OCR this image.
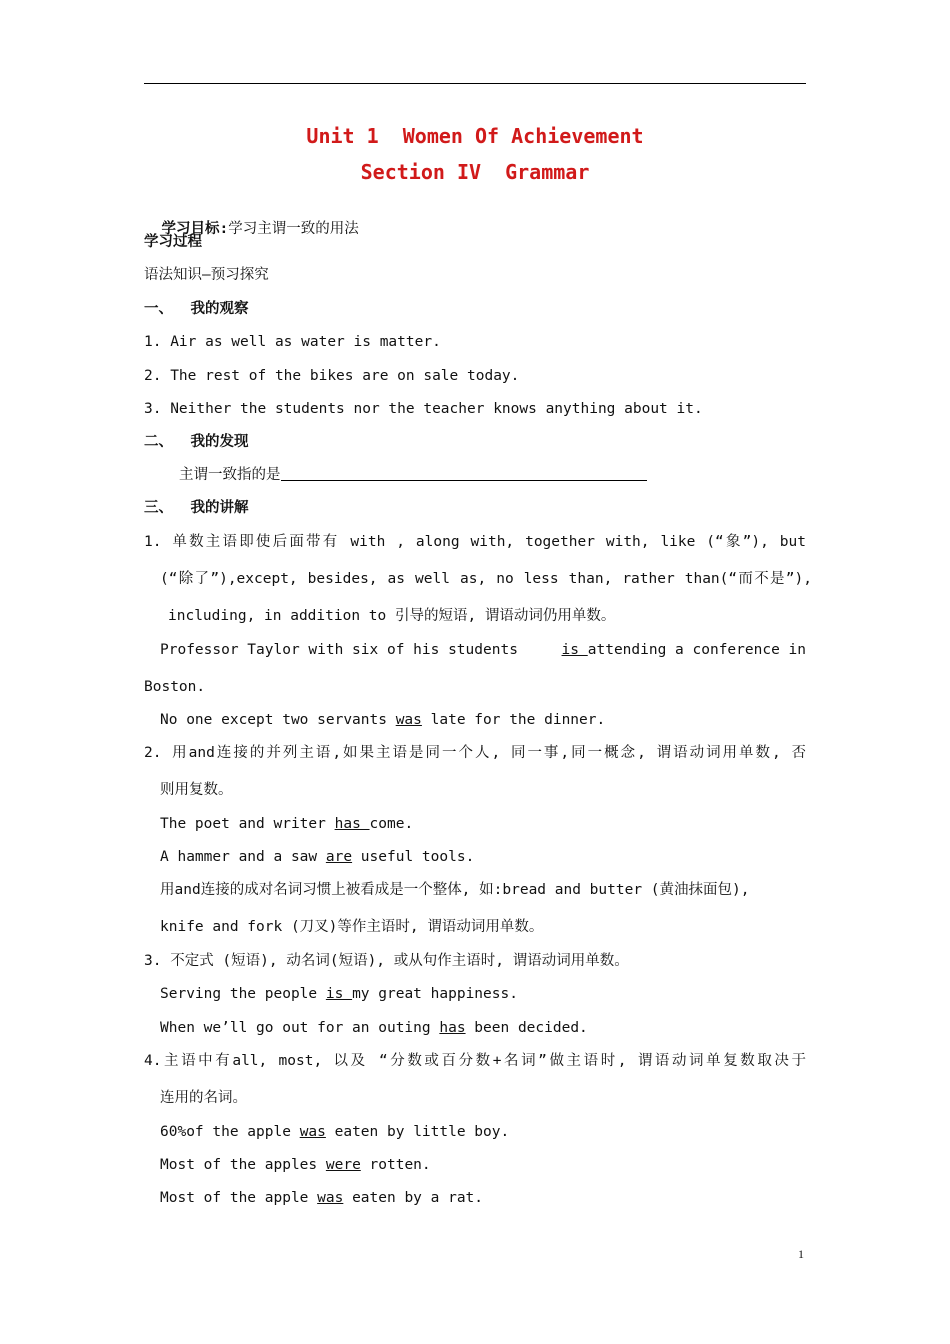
Unit 1  Women Of Achievement
Section IV  Grammar

学习目标:学习主谓一致的用法

学习过程
语法知识—预习探究
一、 我的观察
1. Air as well as water is matter.
2. The rest of the bikes are on sale today.
3. Neither the students nor the teacher knows anything about it.
二、 我的发现
主谓一致指的是
三、 我的讲解
1. 单数主语即使后面带有 with , along with, together with, like (“象”), but
(“除了”),except, besides, as well as, no less than, rather than(“而不是”),
including, in addition to 引导的短语, 谓语动词仍用单数。
Professor Taylor with six of his students	is attending a conference in
Boston.
No one except two servants was late for the dinner.
2. 用and连接的并列主语,如果主语是同一个人, 同一事,同一概念, 谓语动词用单数, 否
则用复数。
The poet and writer has come.
A hammer and a saw are useful tools.
用and连接的成对名词习惯上被看成是一个整体, 如:bread and butter (黄油抹面包),
knife and fork (刀叉)等作主语时, 谓语动词用单数。
3. 不定式 (短语), 动名词(短语), 或从句作主语时, 谓语动词用单数。
Serving the people is my great happiness.
When we’ll go out for an outing has been decided.
4.主语中有all, most, 以及 “分数或百分数+名词”做主语时, 谓语动词单复数取决于
连用的名词。
60%of the apple was eaten by little boy.
Most of the apples were rotten.
Most of the apple was eaten by a rat.
1
